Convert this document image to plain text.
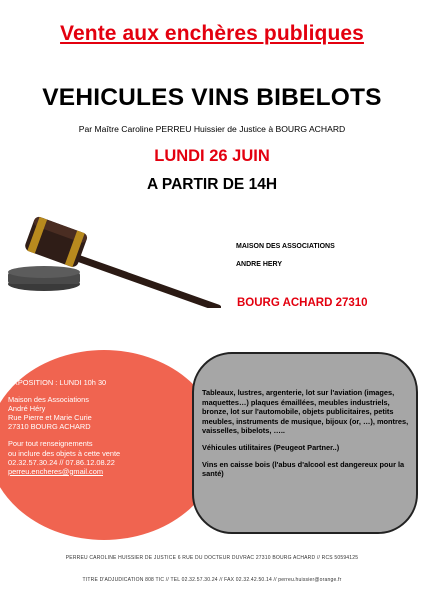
Vente aux enchères publiques
VEHICULES VINS BIBELOTS
Par Maître Caroline PERREU Huissier de Justice à BOURG ACHARD
LUNDI 26 JUIN
A PARTIR DE 14H
MAISON DES ASSOCIATIONS
ANDRE HERY
BOURG ACHARD 27310

EXPOSITION : LUNDI 10h 30

Maison des Associations
André Héry
Rue Pierre et Marie Curie
27310 BOURG ACHARD

Pour tout renseignements
ou inclure des objets à cette vente
02.32.57.30.24 // 07.86.12.08.22
perreu.encheres@gmail.com

Tableaux, lustres, argenterie, lot sur l'aviation (images, maquettes…) plaques émaillées, meubles industriels, bronze, lot sur l'automobile, objets publicitaires, petits meubles, instruments de musique, bijoux (or, …), montres, vaisselles, bibelots, …..

Véhicules utilitaires (Peugeot Partner..)

Vins en caisse bois (l'abus d'alcool est dangereux pour la santé)

PERREU CAROLINE HUISSIER DE JUSTICE 6 RUE DU DOCTEUR DUVRAC 27310 BOURG ACHARD // RCS 50594125
TITRE D'ADJUDICATION 808 TIC // TEL 02.32.57.30.24 // FAX 02.32.42.50.14 // perreu.huissier@orange.fr
